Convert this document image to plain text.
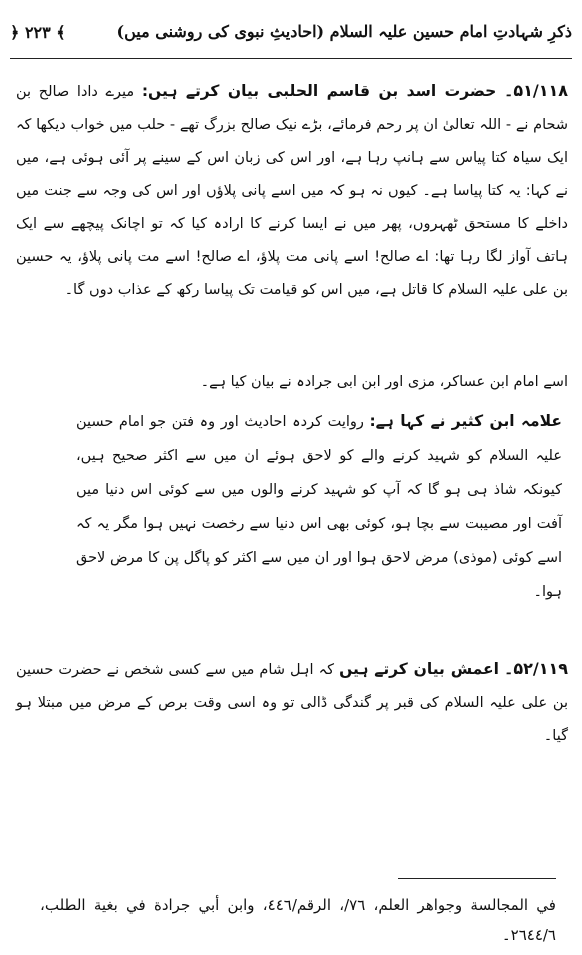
ذکرِ شہادتِ امام حسین علیہ السلام (احادیثِ نبوی کی روشنی میں)
﴿ ۲۲۳ ﴾

۵۱/۱۱۸۔ حضرت اسد بن قاسم الحلبی بیان کرتے ہیں: میرے دادا صالح بن شحام نے - اللہ تعالیٰ ان پر رحم فرمائے، بڑے نیک صالح بزرگ تھے - حلب میں خواب دیکھا کہ ایک سیاہ کتا پیاس سے ہانپ رہا ہے، اور اس کی زبان اس کے سینے پر آئی ہوئی ہے، میں نے کہا: یہ کتا پیاسا ہے۔ کیوں نہ ہو کہ میں اسے پانی پلاؤں اور اس کی وجہ سے جنت میں داخلے کا مستحق ٹھہروں، پھر میں نے ایسا کرنے کا ارادہ کیا کہ تو اچانک پیچھے سے ایک ہاتف آواز لگا رہا تھا: اے صالح! اسے پانی مت پلاؤ، اے صالح! اسے مت پانی پلاؤ، یہ حسین بن علی علیہ السلام کا قاتل ہے، میں اس کو قیامت تک پیاسا رکھ کے عذاب دوں گا۔

اسے امام ابن عساکر، مزی اور ابن ابی جرادہ نے بیان کیا ہے۔

علامہ ابن کثیر نے کہا ہے: روایت کردہ احادیث اور وہ فتن جو امام حسین علیہ السلام کو شہید کرنے والے کو لاحق ہوئے ان میں سے اکثر صحیح ہیں، کیونکہ شاذ ہی ہو گا کہ آپ کو شہید کرنے والوں میں سے کوئی اس دنیا میں آفت اور مصیبت سے بچا ہو، کوئی بھی اس دنیا سے رخصت نہیں ہوا مگر یہ کہ اسے کوئی (موذی) مرض لاحق ہوا اور ان میں سے اکثر کو پاگل پن کا مرض لاحق ہوا۔

۵۲/۱۱۹۔ اعمش بیان کرتے ہیں کہ اہل شام میں سے کسی شخص نے حضرت حسین بن علی علیہ السلام کی قبر پر گندگی ڈالی تو وہ اسی وقت برص کے مرض میں مبتلا ہو گیا۔

في المجالسة وجواهر العلم، ٧٦/، الرقم/٤٤٦، وابن أبي جرادة في بغية الطلب، ٢٦٤٤/٦۔
